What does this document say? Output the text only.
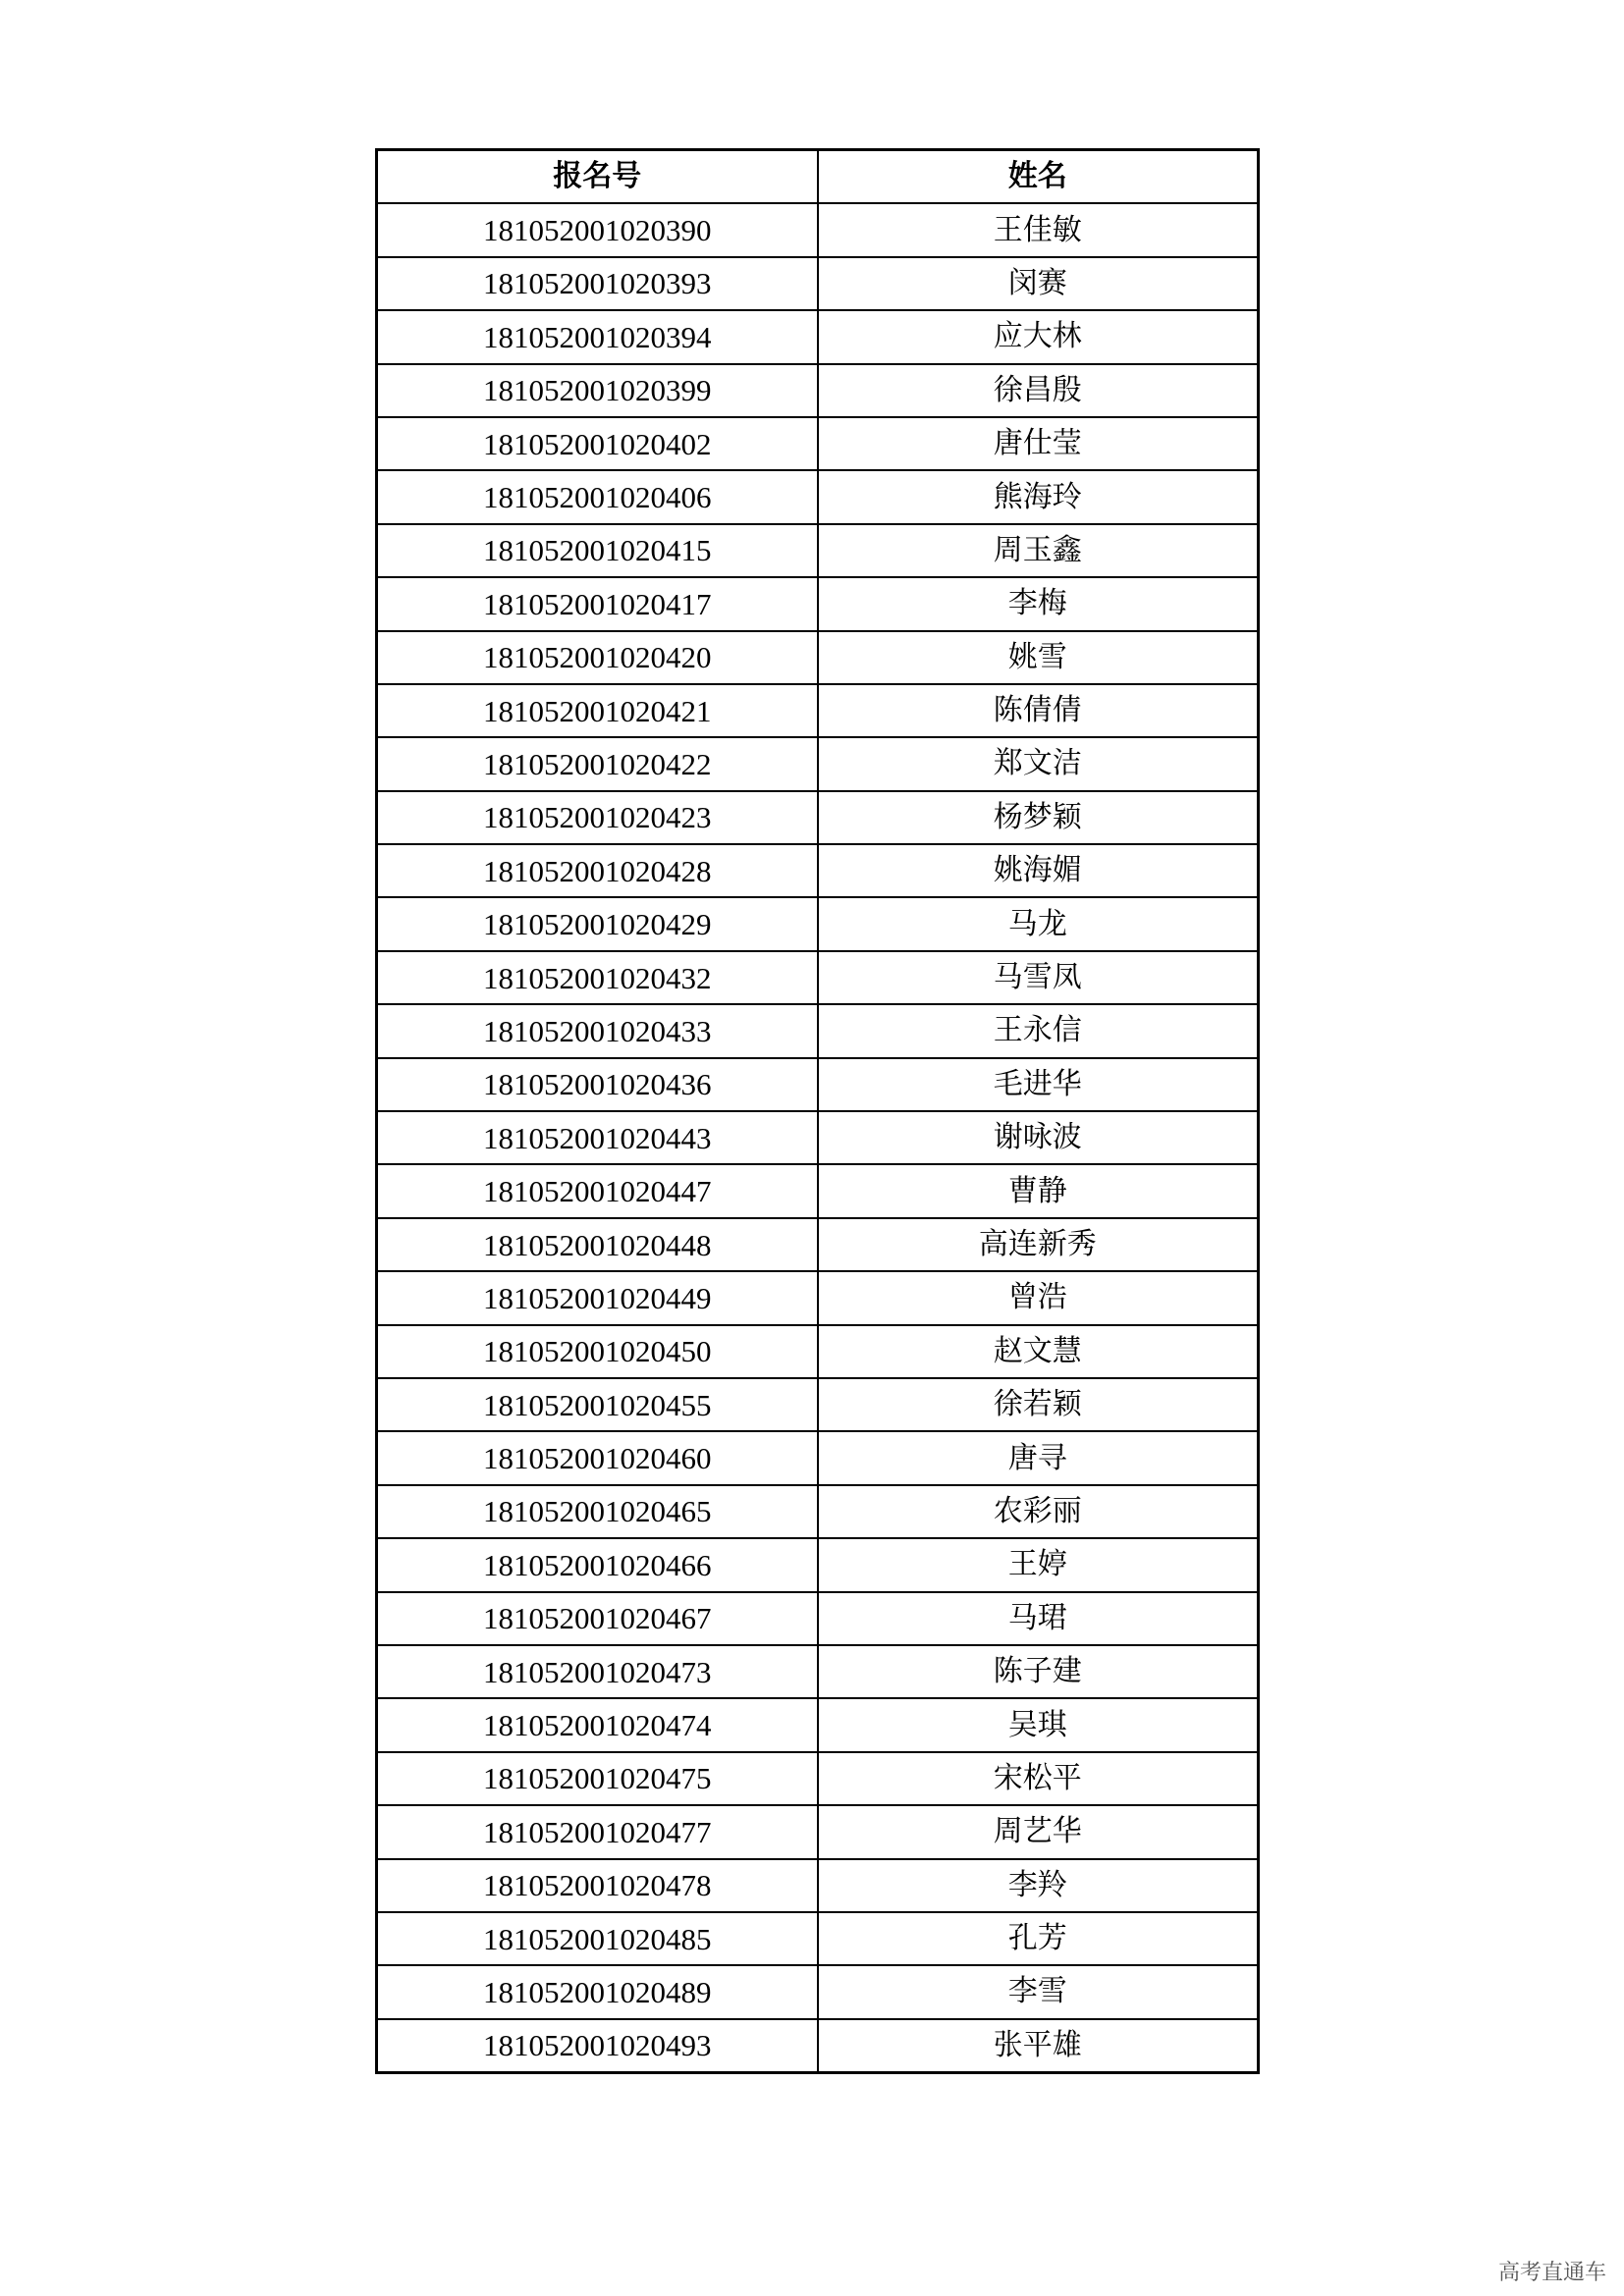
报名号	姓名
181052001020390	王佳敏
181052001020393	闵赛
181052001020394	应大林
181052001020399	徐昌殷
181052001020402	唐仕莹
181052001020406	熊海玲
181052001020415	周玉鑫
181052001020417	李梅
181052001020420	姚雪
181052001020421	陈倩倩
181052001020422	郑文洁
181052001020423	杨梦颖
181052001020428	姚海媚
181052001020429	马龙
181052001020432	马雪凤
181052001020433	王永信
181052001020436	毛进华
181052001020443	谢咏波
181052001020447	曹静
181052001020448	高连新秀
181052001020449	曾浩
181052001020450	赵文慧
181052001020455	徐若颖
181052001020460	唐寻
181052001020465	农彩丽
181052001020466	王婷
181052001020467	马珺
181052001020473	陈子建
181052001020474	吴琪
181052001020475	宋松平
181052001020477	周艺华
181052001020478	李羚
181052001020485	孔芳
181052001020489	李雪
181052001020493	张平雄
高考直通车
